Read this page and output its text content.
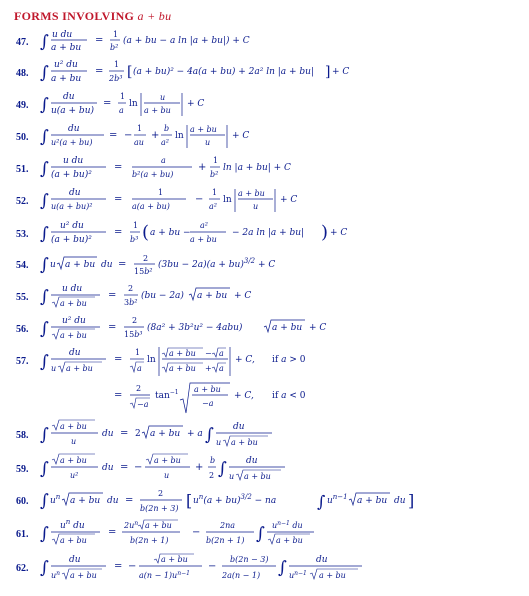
FORMS INVOLVING a + bu
47. ∫ u du
a + bu
=
1
b²
(a + bu − a ln |a + bu|) + C
48. ∫ u² du
a + bu
=
1
2b³ [ (a + bu)² − 4a(a + bu) + 2a² ln |a + bu| ] + C
49. ∫ du
u(a + bu)
=
1
a
ln
u
a + bu
+ C
50. ∫ du
u²(a + bu)
= −
1
au
+
b
a²
ln
a + bu
u
+ C
51. ∫ u du
(a + bu)²
=
a
b²(a + bu)
+
1
b²
ln |a + bu| + C
52. ∫ du
u(a + bu)²
=
1
a(a + bu)
−
1
a²
ln
a + bu
u
+ C
53. ∫ u² du
(a + bu)²
=
1
b³ ( a + bu −
a²
a + bu
− 2a ln |a + bu| ) + C
54. ∫ u a + bu du =
2
15b²
(3bu − 2a)(a + bu)$^{3/2}$ + C
55. ∫ u du
a + bu
=
2
3b²
(bu − 2a) a + bu + C
56. ∫ u² du
a + bu
=
2
15b³
(8a² + 3b²u² − 4abu)	a + bu + C
57. ∫ du
u a + bu
=
1
a
ln
a + bu − a
a + bu + a
+ C, if a > 0
=
2
−a
$\tan^{-1} a$ + bu
−a
+ C, if a < 0
58. ∫ a + bu
u
du = 2 a + bu + a ∫ du
u a + bu
59. ∫ a + bu
u²
du = −
a + bu
u
+
b
2 ∫ du
u a + bu
60. ∫ $u^n$ a + bu du =
2
b(2n + 3) [ $u^n(a + bu)^{3/2}$ − na	∫ $u^{n-1}$ a + bu du ]
61. ∫ $u^n$ du
a + bu
=
$2u^n$ a + bu
b(2n + 1)
−
2na
b(2n + 1) ∫ $u^{n-1}$ du
a + bu
62. ∫ du
$u^n$ a + bu
= −
a + bu
$a(n - 1)u^{n-1}$
−
b(2n − 3)
2a(n − 1) ∫	du
$u^{n-1}$ a + bu
